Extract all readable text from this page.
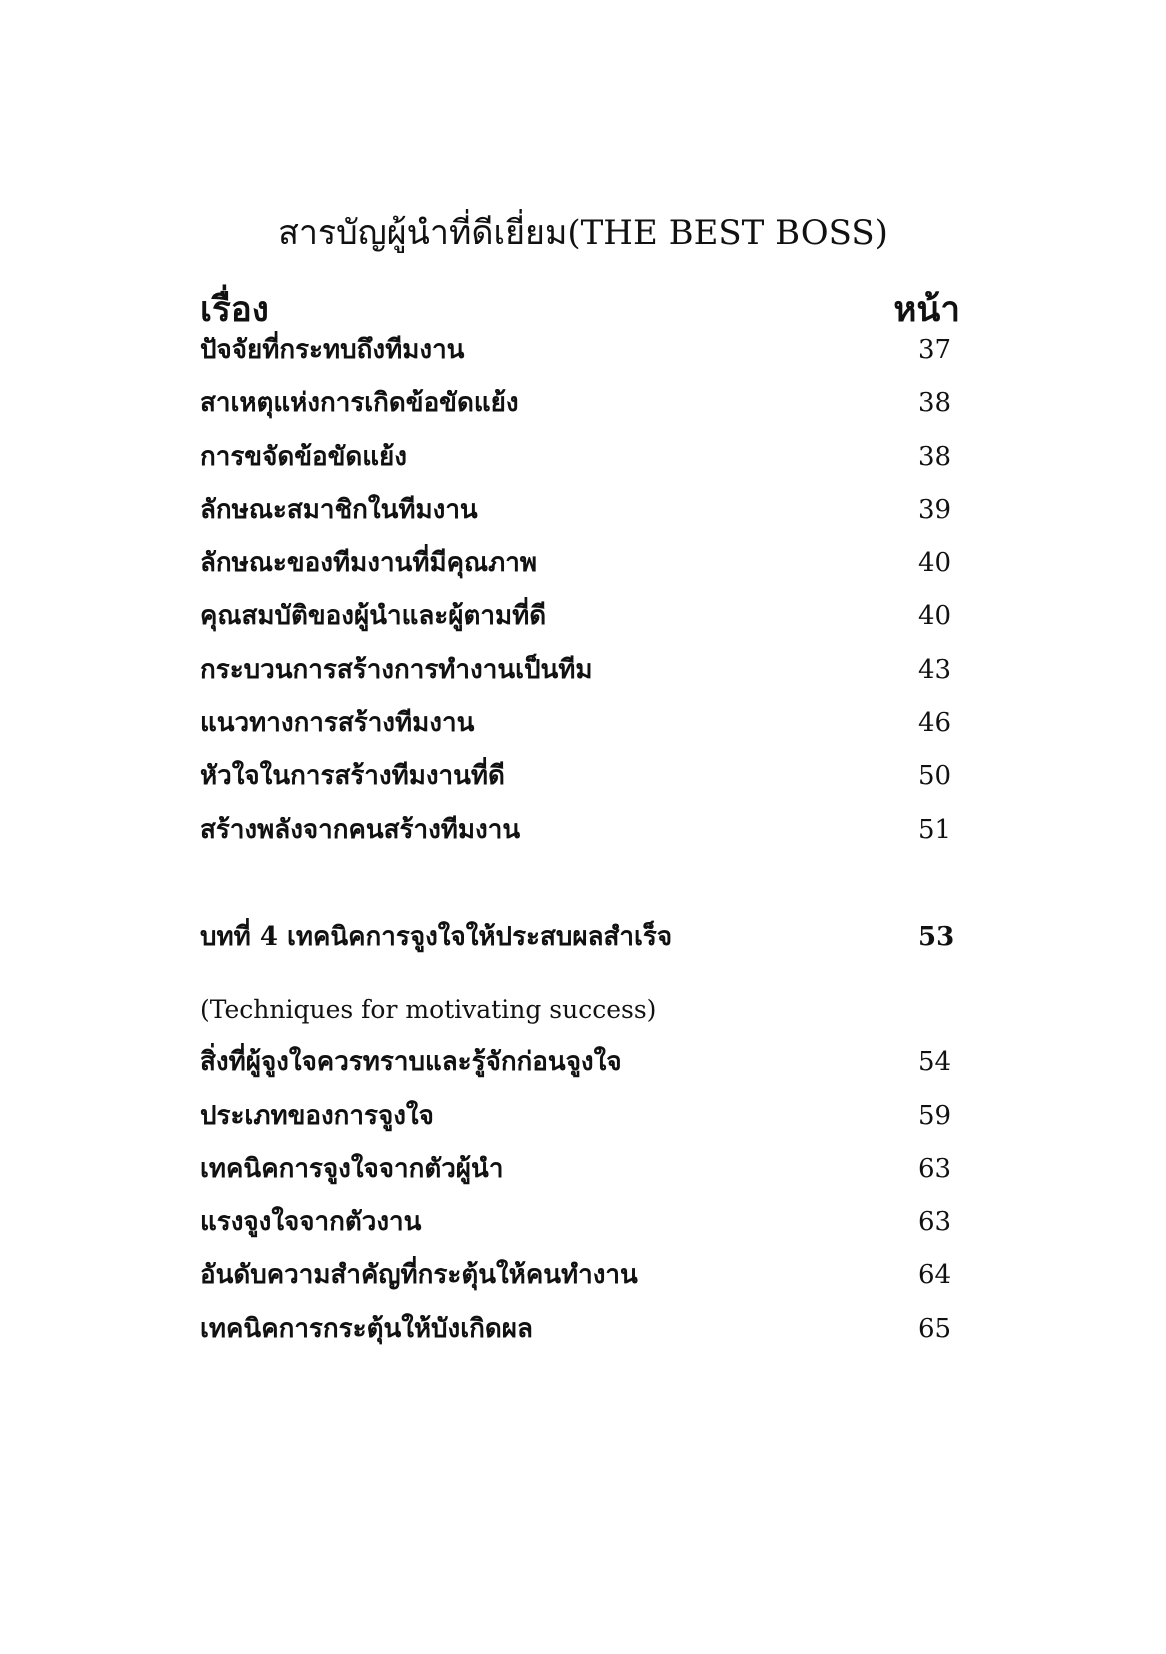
สารบัญผู้นำที่ดีเยี่ยม(THE BEST BOSS)
เรื่อง	หน้า
ปัจจัยที่กระทบถึงทีมงาน	37
สาเหตุแห่งการเกิดข้อขัดแย้ง	38
การขจัดข้อขัดแย้ง	38
ลักษณะสมาชิกในทีมงาน	39
ลักษณะของทีมงานที่มีคุณภาพ	40
คุณสมบัติของผู้นำและผู้ตามที่ดี	40
กระบวนการสร้างการทำงานเป็นทีม	43
แนวทางการสร้างทีมงาน	46
หัวใจในการสร้างทีมงานที่ดี	50
สร้างพลังจากคนสร้างทีมงาน	51
บทที่ 4 เทคนิคการจูงใจให้ประสบผลสำเร็จ	53
(Techniques for motivating success)
สิ่งที่ผู้จูงใจควรทราบและรู้จักก่อนจูงใจ	54
ประเภทของการจูงใจ	59
เทคนิคการจูงใจจากตัวผู้นำ	63
แรงจูงใจจากตัวงาน	63
อันดับความสำคัญที่กระตุ้นให้คนทำงาน	64
เทคนิคการกระตุ้นให้บังเกิดผล	65
